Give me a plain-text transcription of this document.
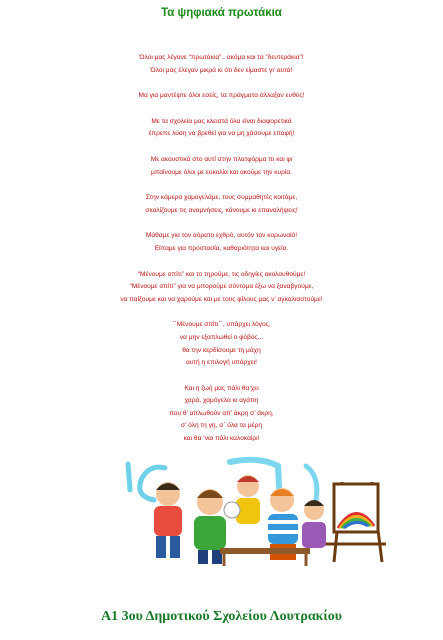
Τα ψηφιακά πρωτάκια

Όλοι μας λέγανε “πρωτάκια”.. ακόμα και τα “δευτεράκια”!

Όλοι μας έλεγαν μικρά κι ότι δεν είμαστε γι’ αυτά!

Μα για μαντέψτε όλοι εσείς, τα πράγματα άλλαξαν ευθύς!

Με τα σχολεία μας κλειστά όλα είναι διαφορετικά

έπρεπε λύση να βρεθεί για να μη χάσουμε επαφή!

Με ακουστικά στο αυτί στην πλατφόρμα πι και φι

μπαίνουμε όλοι με ευκολία και ακούμε την κυρία.

Στην κάμερα χαμογελάμε, τους συμμαθητές κοιτάμε,

σκαλίζουμε τις αναμνήσεις, κάνουμε κι επαναλήψεις!

Μάθαμε για τον αόρατο εχθρό, αυτόν τον κορωναϊό!

Είπαμε για προστασία, καθαριότητα και υγεία.

“Μένουμε σπίτι” και το τηρούμε, τις οδηγίες ακολουθούμε!

“Μένουμε σπίτι” για να μπορούμε σύντομα έξω να ξαναβγούμε,

να παίξουμε και να χαρούμε και με τους φίλους μας ν’ αγκαλιαστούμε!

΄΄Μένουμε σπίτι΄΄, υπάρχει λόγος,

να μην εξαπλωθεί ο φόβος...

θα την κερδίσουμε τη μάχη

αυτή η επιλογή υπάρχει!

Και η ζωή μας πάλι θα’χει

χαρά, χαμόγελα κι αγάπη

που θ’ απλωθούν απ’ άκρη σ’ άκρη,

σ’ όλη τη γη, σ΄ όλα τα μέρη

και θα ‘ναι πάλι καλοκαίρι!

Α1 3ου Δημοτικού Σχολείου Λουτρακίου
